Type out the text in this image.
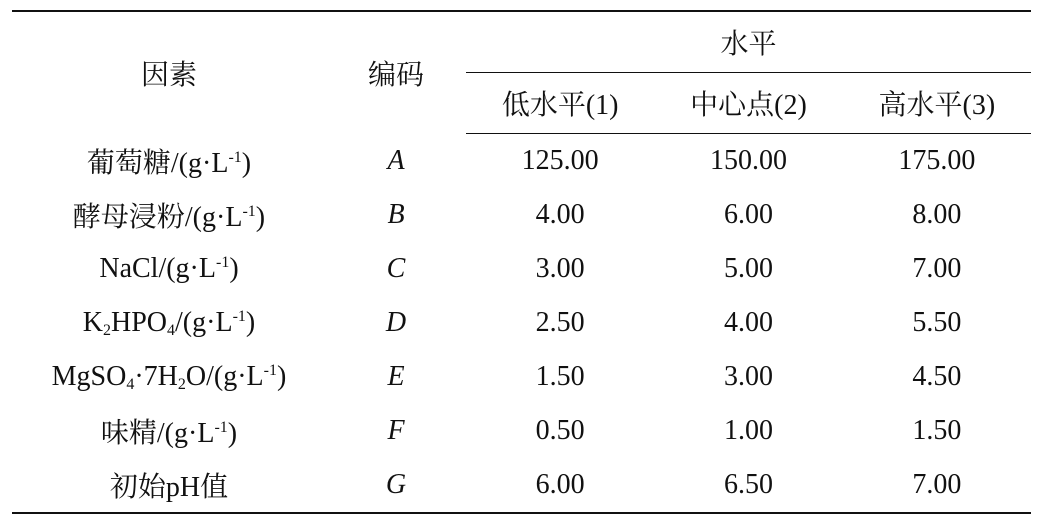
因素	编码	水平		
		低水平(1)	中心点(2)	高水平(3)
葡萄糖$/(g\cdot L^{-1})$	A	125.00	150.00	175.00
酵母浸粉$/(g\cdot L^{-1})$	B	4.00	6.00	8.00
NaCl/$(g\cdot L^{-1})$	C	3.00	5.00	7.00
$K_2HPO_4/(g\cdot L^{-1})$	D	2.50	4.00	5.50
$MgSO_4\cdot 7H_2O/(g\cdot L^{-1})$	E	1.50	3.00	4.50
味精$/(g\cdot L^{-1})$	F	0.50	1.00	1.50
初始pH值	G	6.00	6.50	7.00
